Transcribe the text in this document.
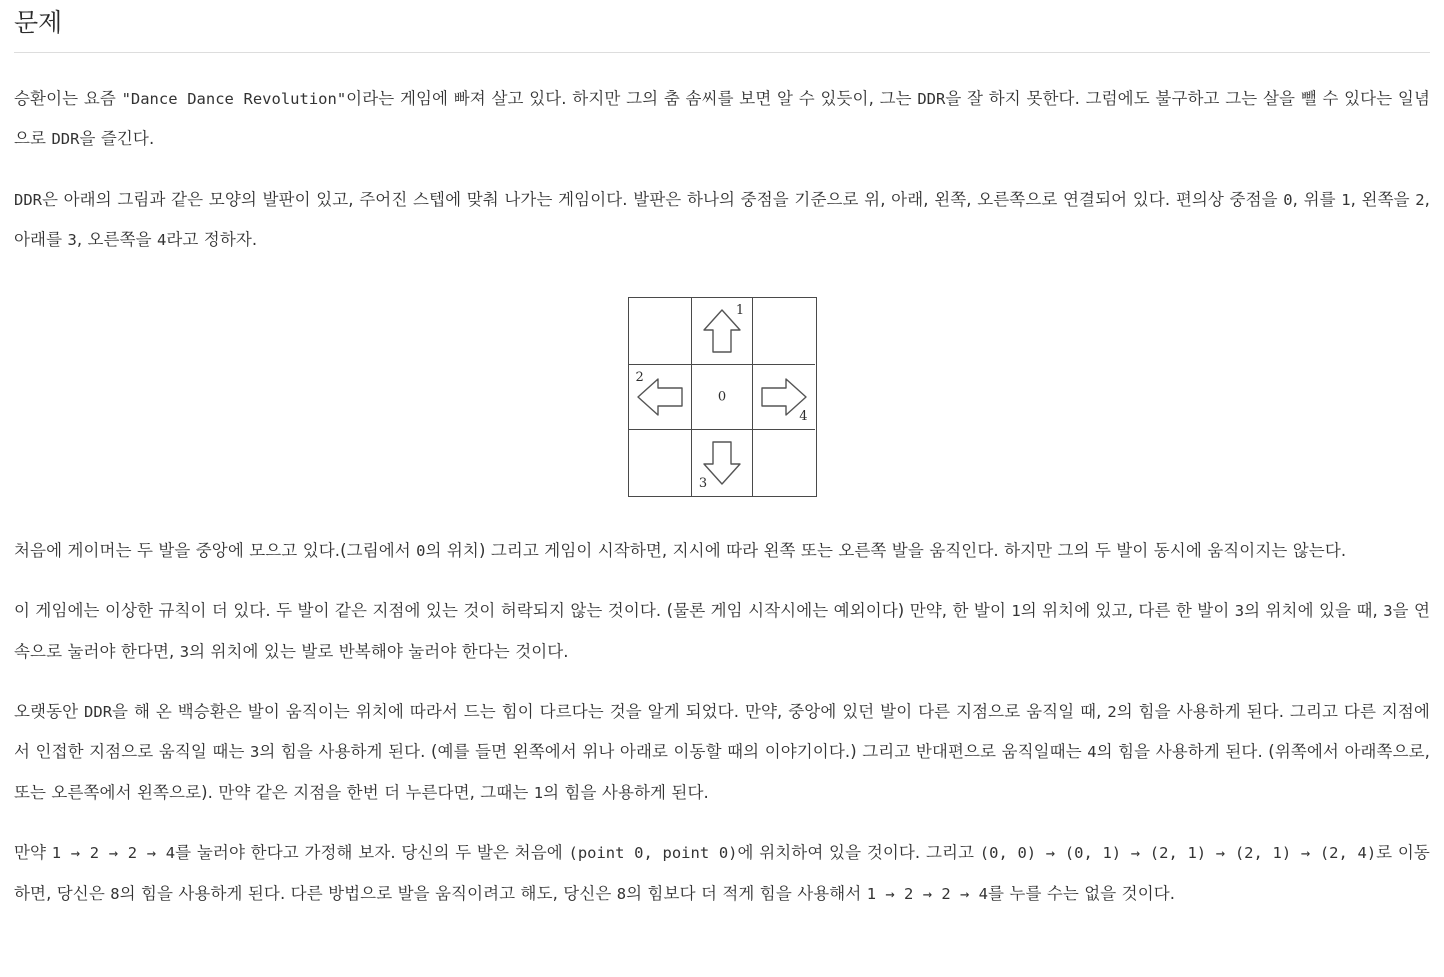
문제

승환이는 요즘 "Dance Dance Revolution"이라는 게임에 빠져 살고 있다. 하지만 그의 춤 솜씨를 보면 알 수 있듯이, 그는 DDR을 잘 하지 못한다. 그럼에도 불구하고 그는 살을 뺄 수 있다는 일념으로 DDR을 즐긴다.

DDR은 아래의 그림과 같은 모양의 발판이 있고, 주어진 스텝에 맞춰 나가는 게임이다. 발판은 하나의 중점을 기준으로 위, 아래, 왼쪽, 오른쪽으로 연결되어 있다. 편의상 중점을 0, 위를 1, 왼쪽을 2, 아래를 3, 오른쪽을 4라고 정하자.

1
2
0
4
3

처음에 게이머는 두 발을 중앙에 모으고 있다.(그림에서 0의 위치) 그리고 게임이 시작하면, 지시에 따라 왼쪽 또는 오른쪽 발을 움직인다. 하지만 그의 두 발이 동시에 움직이지는 않는다.

이 게임에는 이상한 규칙이 더 있다. 두 발이 같은 지점에 있는 것이 허락되지 않는 것이다. (물론 게임 시작시에는 예외이다) 만약, 한 발이 1의 위치에 있고, 다른 한 발이 3의 위치에 있을 때, 3을 연속으로 눌러야 한다면, 3의 위치에 있는 발로 반복해야 눌러야 한다는 것이다.

오랫동안 DDR을 해 온 백승환은 발이 움직이는 위치에 따라서 드는 힘이 다르다는 것을 알게 되었다. 만약, 중앙에 있던 발이 다른 지점으로 움직일 때, 2의 힘을 사용하게 된다. 그리고 다른 지점에서 인접한 지점으로 움직일 때는 3의 힘을 사용하게 된다. (예를 들면 왼쪽에서 위나 아래로 이동할 때의 이야기이다.) 그리고 반대편으로 움직일때는 4의 힘을 사용하게 된다. (위쪽에서 아래쪽으로, 또는 오른쪽에서 왼쪽으로). 만약 같은 지점을 한번 더 누른다면, 그때는 1의 힘을 사용하게 된다.

만약 1 → 2 → 2 → 4를 눌러야 한다고 가정해 보자. 당신의 두 발은 처음에 (point 0, point 0)에 위치하여 있을 것이다. 그리고 (0, 0) → (0, 1) → (2, 1) → (2, 1) → (2, 4)로 이동하면, 당신은 8의 힘을 사용하게 된다. 다른 방법으로 발을 움직이려고 해도, 당신은 8의 힘보다 더 적게 힘을 사용해서 1 → 2 → 2 → 4를 누를 수는 없을 것이다.
